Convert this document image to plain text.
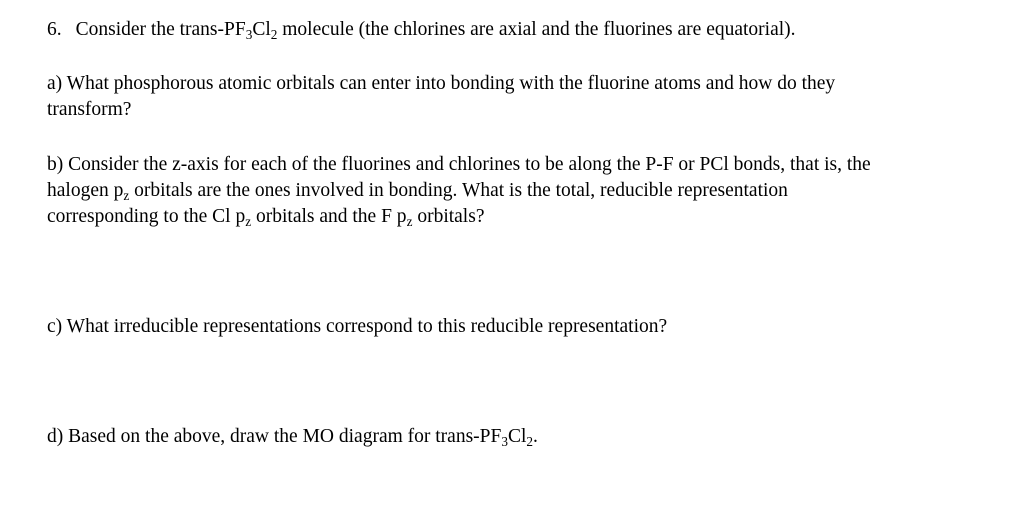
6. Consider the trans-$PF_3Cl_2$ molecule (the chlorines are axial and the fluorines are equatorial).
a) What phosphorous atomic orbitals can enter into bonding with the fluorine atoms and how do they
transform?
b) Consider the z-axis for each of the fluorines and chlorines to be along the P-F or PCl bonds, that is, the
halogen $p_z$ orbitals are the ones involved in bonding. What is the total, reducible representation
corresponding to the Cl $p_z$ orbitals and the F $p_z$ orbitals?
c) What irreducible representations correspond to this reducible representation?
d) Based on the above, draw the MO diagram for trans-$PF_3Cl_2$.
